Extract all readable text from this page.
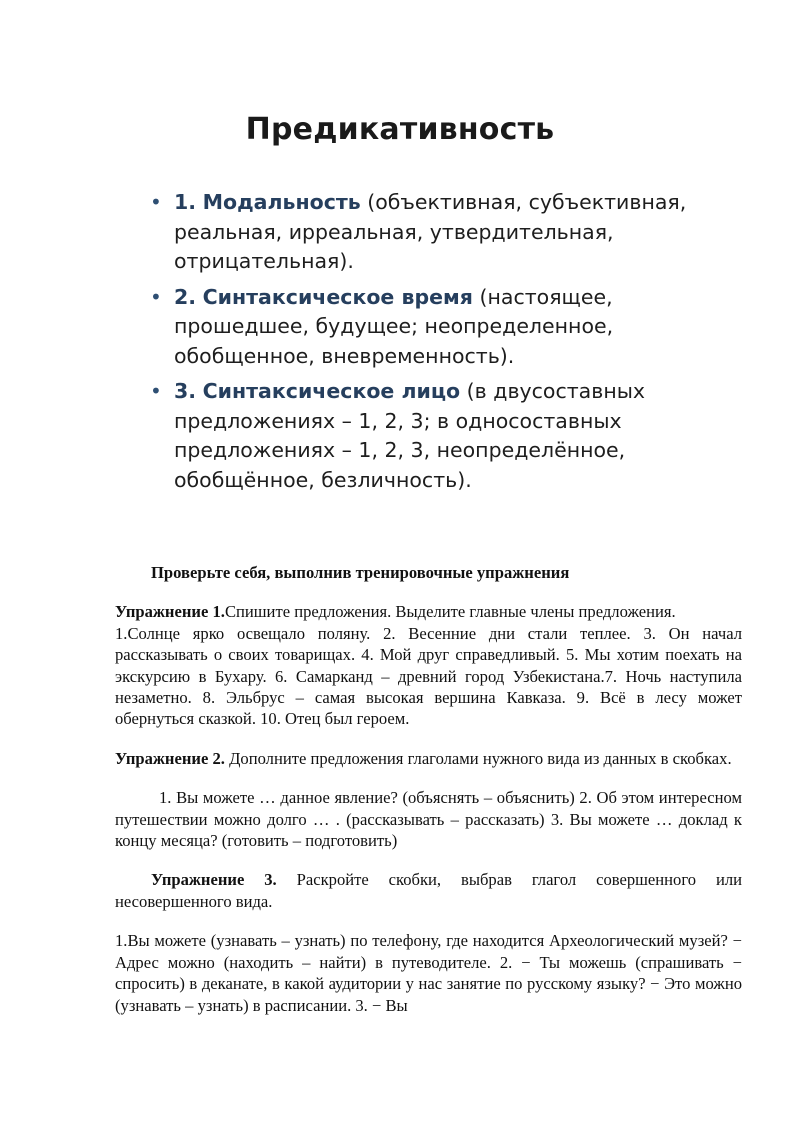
Предикативность
• 1. Модальность (объективная, субъективная, реальная, ирреальная, утвердительная, отрицательная).
• 2. Синтаксическое время (настоящее, прошедшее, будущее; неопределенное, обобщенное, вневременность).
• 3. Синтаксическое лицо (в двусоставных предложениях – 1, 2, 3; в односоставных предложениях – 1, 2, 3, неопределённое, обобщённое, безличность).

Проверьте себя, выполнив тренировочные упражнения

Упражнение 1.Спишите предложения. Выделите главные члены предложения.

1.Солнце ярко освещало поляну. 2. Весенние дни стали теплее. 3. Он начал рассказывать о своих товарищах. 4. Мой друг справедливый. 5. Мы хотим поехать на экскурсию в Бухару. 6. Самарканд – древний город Узбекистана.7. Ночь наступила незаметно. 8. Эльбрус – самая высокая вершина Кавказа. 9. Всё в лесу может обернуться сказкой. 10. Отец был героем.

Упражнение 2. Дополните предложения глаголами нужного вида из данных в скобках.

1. Вы можете … данное явление? (объяснять – объяснить) 2. Об этом интересном путешествии можно долго … . (рассказывать – рассказать) 3. Вы можете … доклад к концу месяца? (готовить – подготовить)

Упражнение 3. Раскройте скобки, выбрав глагол совершенного или несовершенного вида.

1.Вы можете (узнавать – узнать) по телефону, где находится Археологический музей? − Адрес можно (находить – найти) в путеводителе. 2. − Ты можешь (спрашивать − спросить) в деканате, в какой аудитории у нас занятие по русскому языку? − Это можно (узнавать – узнать) в расписании. 3. − Вы
